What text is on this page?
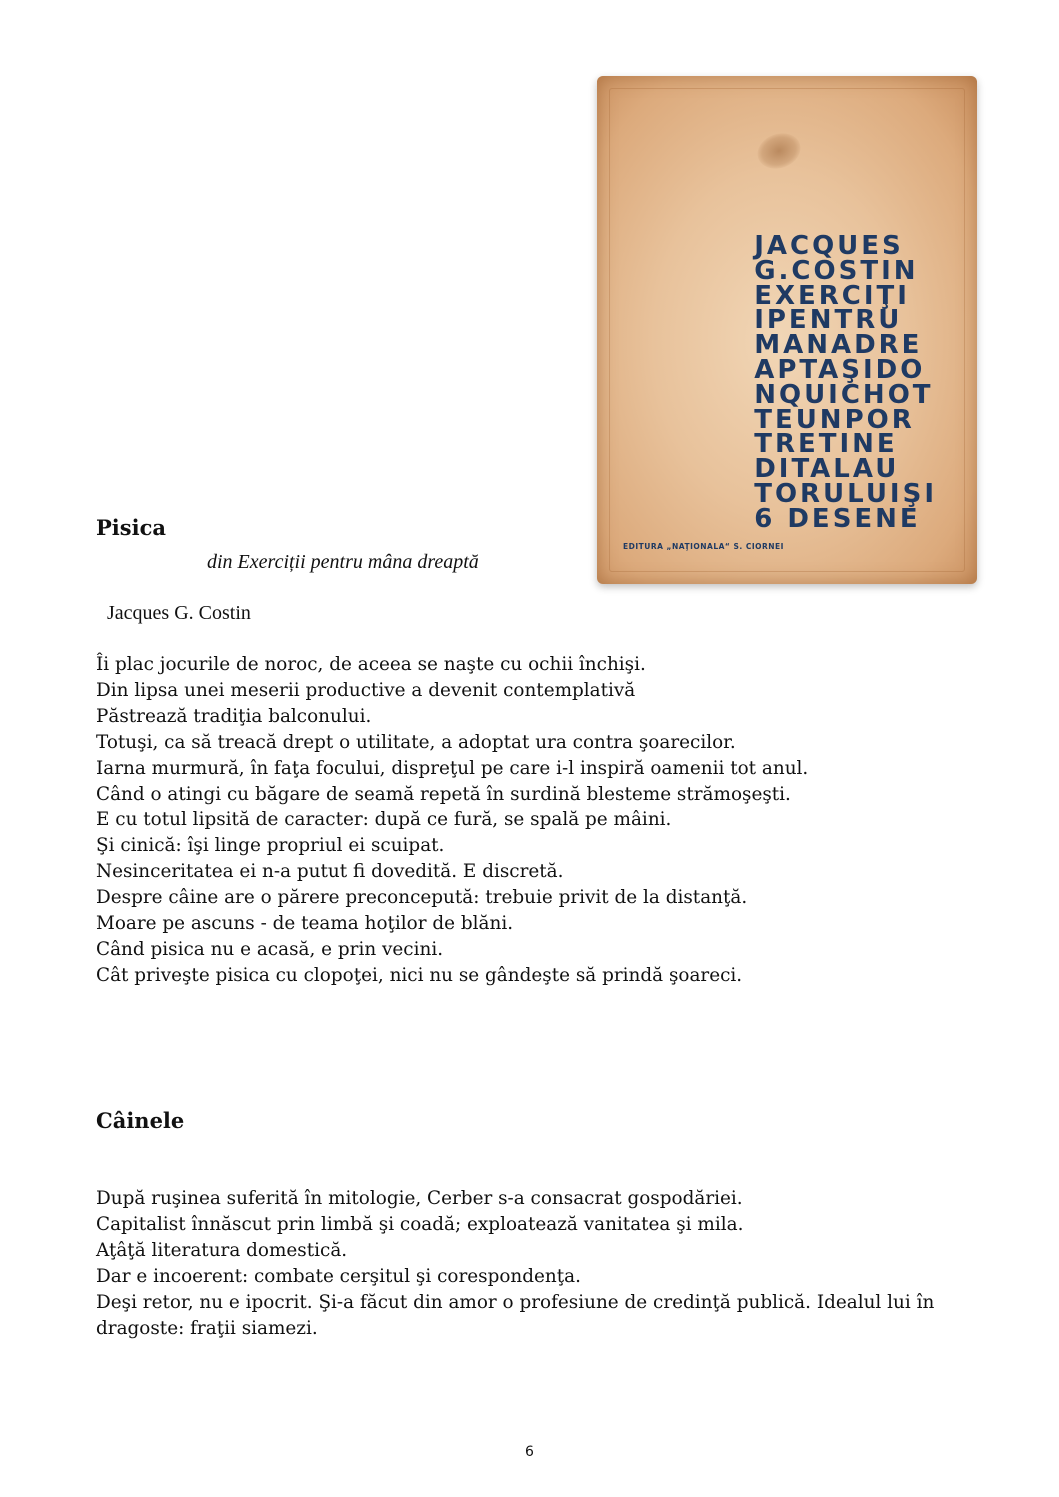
JACQUES
G.COSTIN
EXERCIŢI
IPENTRU
MANADRE
APTAŞIDO
NQUICHOT
TEUNPOR
TRETINE
DITALAU
TORULUIŞI
6 DESENE
EDITURA „NAŢIONALA“ S. CIORNEI
Pisica
din Exerciții pentru mâna dreaptă
Jacques G. Costin
Îi plac jocurile de noroc, de aceea se naşte cu ochii închişi.
Din lipsa unei meserii productive a devenit contemplativă
Păstrează tradiţia balconului.
Totuşi, ca să treacă drept o utilitate, a adoptat ura contra şoarecilor.
Iarna murmură, în faţa focului, dispreţul pe care i-l inspiră oamenii tot anul.
Când o atingi cu băgare de seamă repetă în surdină blesteme strămoşeşti.
E cu totul lipsită de caracter: după ce fură, se spală pe mâini.
Şi cinică: îşi linge propriul ei scuipat.
Nesinceritatea ei n-a putut fi dovedită. E discretă.
Despre câine are o părere preconcepută: trebuie privit de la distanţă.
Moare pe ascuns - de teama hoţilor de blăni.
Când pisica nu e acasă, e prin vecini.
Cât priveşte pisica cu clopoţei, nici nu se gândeşte să prindă şoareci.
Câinele
După ruşinea suferită în mitologie, Cerber s-a consacrat gospodăriei.
Capitalist înnăscut prin limbă şi coadă; exploatează vanitatea şi mila.
Aţâţă literatura domestică.
Dar e incoerent: combate cerşitul şi corespondenţa.
Deşi retor, nu e ipocrit. Şi-a făcut din amor o profesiune de credinţă publică. Idealul lui în dragoste: fraţii siamezi.
6
